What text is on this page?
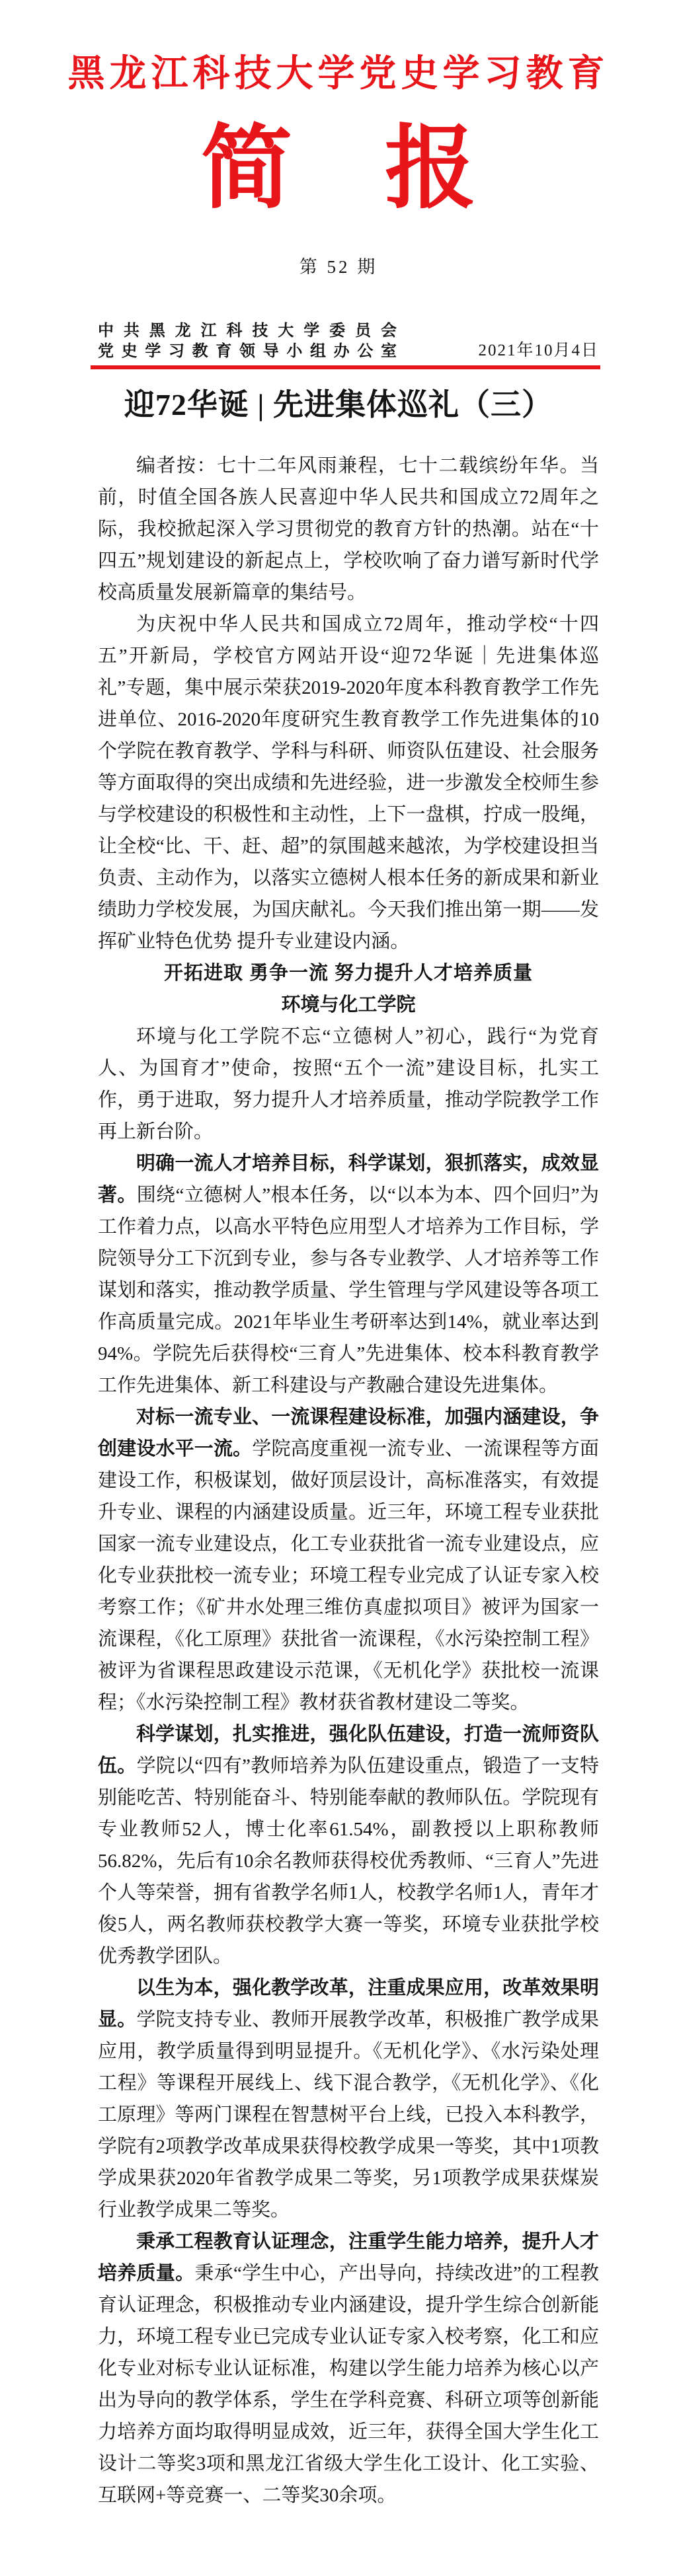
黑龙江科技大学党史学习教育
简 报
第 52 期
中共黑龙江科技大学委员会
党史学习教育领导小组办公室	2021年10月4日
迎72华诞 | 先进集体巡礼（三）

编者按：七十二年风雨兼程，七十二载缤纷年华。当前，时值全国各族人民喜迎中华人民共和国成立72周年之际，我校掀起深入学习贯彻党的教育方针的热潮。站在“十四五”规划建设的新起点上，学校吹响了奋力谱写新时代学校高质量发展新篇章的集结号。

为庆祝中华人民共和国成立72周年，推动学校“十四五”开新局，学校官方网站开设“迎72华诞｜先进集体巡礼”专题，集中展示荣获2019-2020年度本科教育教学工作先进单位、2016-2020年度研究生教育教学工作先进集体的10个学院在教育教学、学科与科研、师资队伍建设、社会服务等方面取得的突出成绩和先进经验，进一步激发全校师生参与学校建设的积极性和主动性，上下一盘棋，拧成一股绳，让全校“比、干、赶、超”的氛围越来越浓，为学校建设担当负责、主动作为，以落实立德树人根本任务的新成果和新业绩助力学校发展，为国庆献礼。今天我们推出第一期——发挥矿业特色优势 提升专业建设内涵。

开拓进取 勇争一流 努力提升人才培养质量

环境与化工学院

环境与化工学院不忘“立德树人”初心，践行“为党育人、为国育才”使命，按照“五个一流”建设目标，扎实工作，勇于进取，努力提升人才培养质量，推动学院教学工作再上新台阶。

明确一流人才培养目标，科学谋划，狠抓落实，成效显著。围绕“立德树人”根本任务，以“以本为本、四个回归”为工作着力点，以高水平特色应用型人才培养为工作目标，学院领导分工下沉到专业，参与各专业教学、人才培养等工作谋划和落实，推动教学质量、学生管理与学风建设等各项工作高质量完成。2021年毕业生考研率达到14%，就业率达到94%。学院先后获得校“三育人”先进集体、校本科教育教学工作先进集体、新工科建设与产教融合建设先进集体。

对标一流专业、一流课程建设标准，加强内涵建设，争创建设水平一流。学院高度重视一流专业、一流课程等方面建设工作，积极谋划，做好顶层设计，高标准落实，有效提升专业、课程的内涵建设质量。近三年，环境工程专业获批国家一流专业建设点，化工专业获批省一流专业建设点，应化专业获批校一流专业；环境工程专业完成了认证专家入校考察工作；《矿井水处理三维仿真虚拟项目》被评为国家一流课程，《化工原理》获批省一流课程，《水污染控制工程》被评为省课程思政建设示范课，《无机化学》获批校一流课程；《水污染控制工程》教材获省教材建设二等奖。

科学谋划，扎实推进，强化队伍建设，打造一流师资队伍。学院以“四有”教师培养为队伍建设重点，锻造了一支特别能吃苦、特别能奋斗、特别能奉献的教师队伍。学院现有专业教师52人，博士化率61.54%，副教授以上职称教师56.82%，先后有10余名教师获得校优秀教师、“三育人”先进个人等荣誉，拥有省教学名师1人，校教学名师1人，青年才俊5人，两名教师获校教学大赛一等奖，环境专业获批学校优秀教学团队。

以生为本，强化教学改革，注重成果应用，改革效果明显。学院支持专业、教师开展教学改革，积极推广教学成果应用，教学质量得到明显提升。《无机化学》、《水污染处理工程》等课程开展线上、线下混合教学，《无机化学》、《化工原理》等两门课程在智慧树平台上线，已投入本科教学，学院有2项教学改革成果获得校教学成果一等奖，其中1项教学成果获2020年省教学成果二等奖，另1项教学成果获煤炭行业教学成果二等奖。

秉承工程教育认证理念，注重学生能力培养，提升人才培养质量。秉承“学生中心，产出导向，持续改进”的工程教育认证理念，积极推动专业内涵建设，提升学生综合创新能力，环境工程专业已完成专业认证专家入校考察，化工和应化专业对标专业认证标准，构建以学生能力培养为核心以产出为导向的教学体系，学生在学科竞赛、科研立项等创新能力培养方面均取得明显成效，近三年，获得全国大学生化工设计二等奖3项和黑龙江省级大学生化工设计、化工实验、互联网+等竞赛一、二等奖30余项。
